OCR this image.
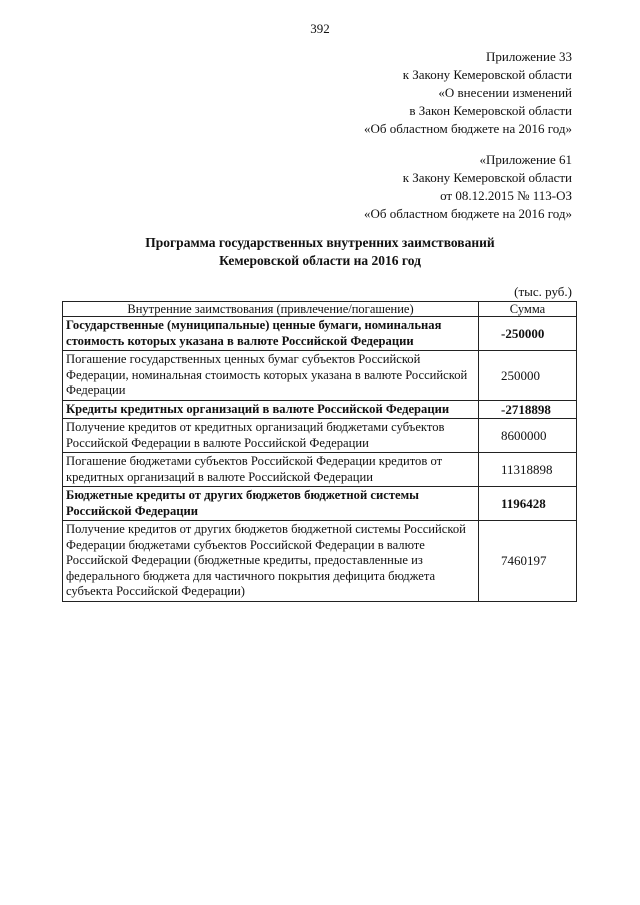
392
Приложение 33
к Закону Кемеровской области
«О внесении изменений
в Закон Кемеровской области
«Об областном бюджете на 2016 год»
«Приложение 61
к Закону Кемеровской области
от 08.12.2015 № 113-ОЗ
«Об областном бюджете на 2016 год»
Программа государственных внутренних заимствований
Кемеровской области на 2016 год
(тыс. руб.)
Внутренние заимствования (привлечение/погашение)	Сумма
Государственные (муниципальные) ценные бумаги, номинальная стоимость которых указана в валюте Российской Федерации	-250000
Погашение государственных ценных бумаг субъектов Российской Федерации, номинальная стоимость которых указана в валюте Российской Федерации	250000
Кредиты кредитных организаций в валюте Российской Федерации	-2718898
Получение кредитов от кредитных организаций бюджетами субъектов Российской Федерации в валюте Российской Федерации	8600000
Погашение бюджетами субъектов Российской Федерации кредитов от кредитных организаций в валюте Российской Федерации	11318898
Бюджетные кредиты от других бюджетов бюджетной системы Российской Федерации	1196428
Получение кредитов от других бюджетов бюджетной системы Российской Федерации бюджетами субъектов Российской Федерации в валюте Российской Федерации (бюджетные кредиты, предоставленные из федерального бюджета для частичного покрытия дефицита бюджета субъекта Российской Федерации)	7460197
